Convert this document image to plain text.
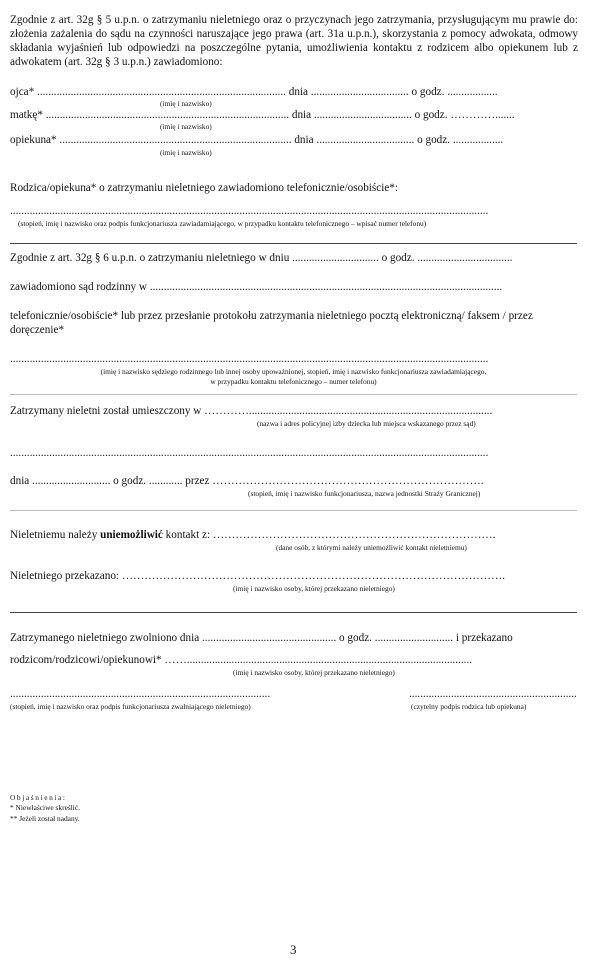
Zgodnie z art. 32g § 5 u.p.n. o zatrzymaniu nieletniego oraz o przyczynach jego zatrzymania, przysługującym mu prawie do: złożenia zażalenia do sądu na czynności naruszające jego prawa (art. 31a u.p.n.), skorzystania z pomocy adwokata, odmowy składania wyjaśnień lub odpowiedzi na poszczególne pytania, umożliwienia kontaktu z rodzicem albo opiekunem lub z adwokatem (art. 32g § 3 u.p.n.) zawiadomiono:
ojca* ......................................................................................... dnia ................................... o godz. ..................
(imię i nazwisko)
matkę* ....................................................................................... dnia ................................... o godz. ………….......
(imię i nazwisko)
opiekuna* ................................................................................... dnia ................................... o godz. ..................
(imię i nazwisko)
Rodzica/opiekuna* o zatrzymaniu nieletniego zawiadomiono telefonicznie/osobiście*:
...........................................................................................................................................................................
(stopień, imię i nazwisko oraz podpis funkcjonariusza zawiadamiającego, w przypadku kontaktu telefonicznego – wpisać numer telefonu)
Zgodnie z art. 32g § 6 u.p.n. o zatrzymaniu nieletniego w dniu ............................... o godz. ..................................
zawiadomiono sąd rodzinny w ..............................................................................................................................
telefonicznie/osobiście* lub przez przesłanie protokołu zatrzymania nieletniego pocztą elektroniczną/ faksem / przez doręczenie*
...........................................................................................................................................................................
(imię i nazwisko sędziego rodzinnego lub innej osoby upoważnionej, stopień, imię i nazwisko funkcjonariusza zawiadamiającego,
w przypadku kontaktu telefonicznego – numer telefonu)
Zatrzymany nieletni został umieszczony w ………….......................................................................................
(nazwa i adres policyjnej izby dziecka lub miejsca wskazanego przez sąd)
...........................................................................................................................................................................
dnia ............................ o godz. ............ przez ……………………………………………………………….
(stopień, imię i nazwisko funkcjonariusza, nazwa jednostki Straży Granicznej)
Nieletniemu należy uniemożliwić kontakt z: ………………………………………………………………….
(dane osób, z którymi należy uniemożliwić kontakt nieletniemu)
Nieletniego przekazano: ………………………………………………………………………………………….
(imię i nazwisko osoby, której przekazano nieletniego)
Zatrzymanego nieletniego zwolniono dnia ................................................ o godz. ............................ i przekazano
rodzicom/rodzicowi/opiekunowi* ……......................................................................................................
(imię i nazwisko osoby, której przekazano nieletniego)
.............................................................................................
(stopień, imię i nazwisko oraz podpis funkcjonariusza zwalniającego nieletniego)
............................................................
(czytelny podpis rodzica lub opiekuna)
Objaśnienia:
* Niewłaściwe skreślić.
** Jeżeli został nadany.
3
